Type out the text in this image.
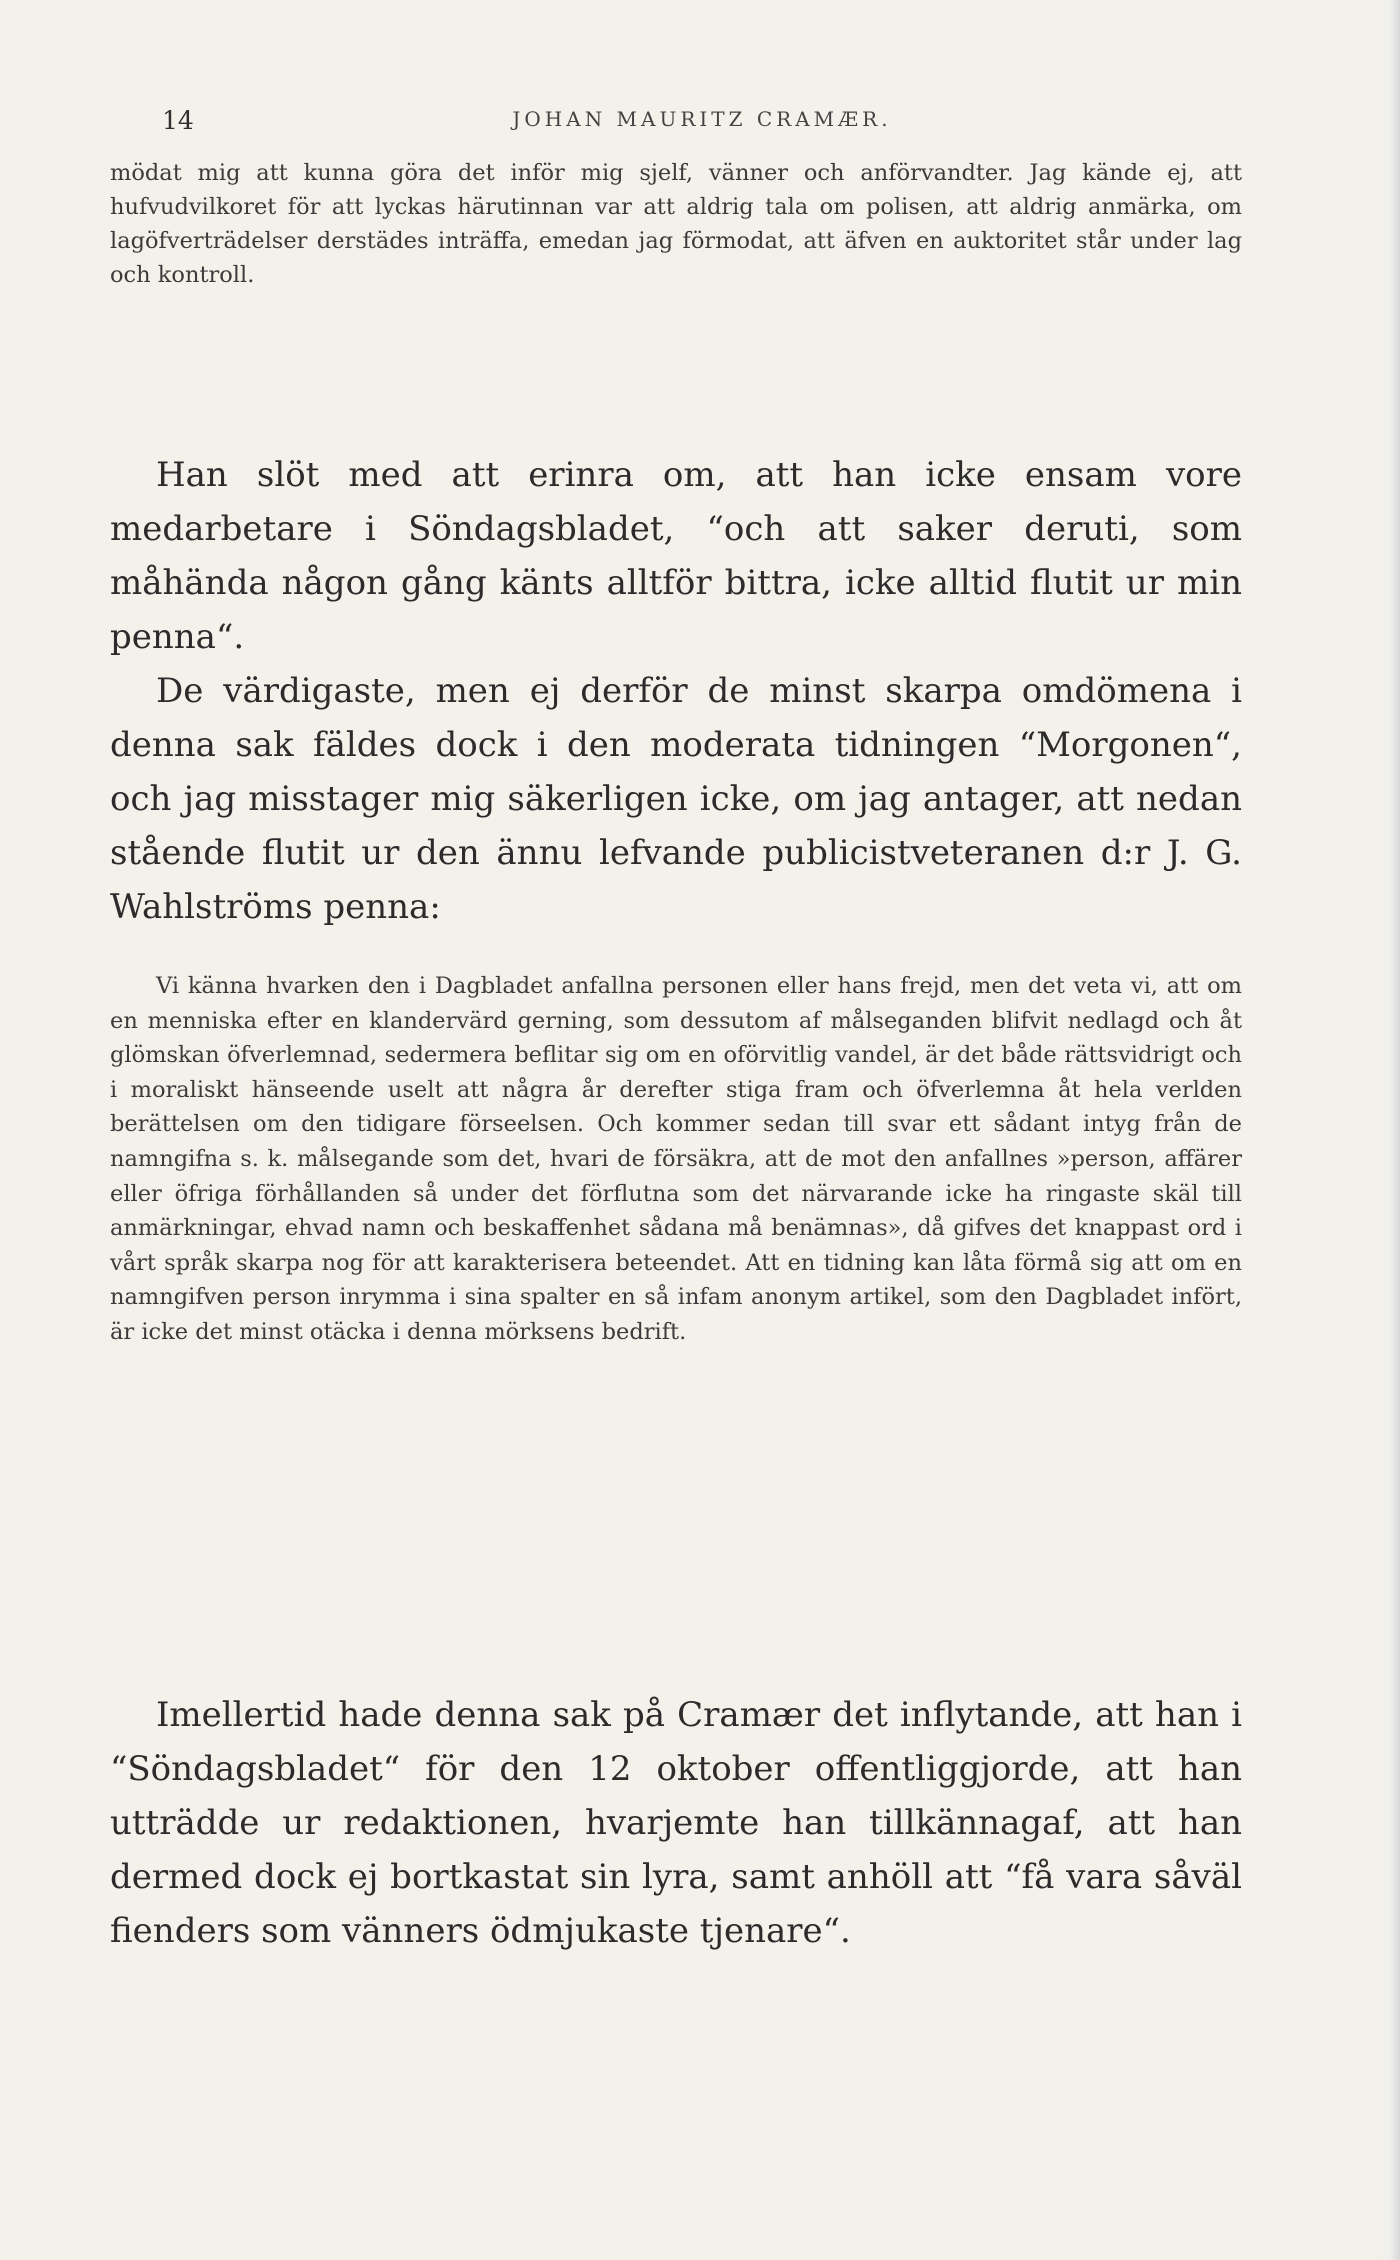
14	JOHAN MAURITZ CRAMÆR.

mödat mig att kunna göra det inför mig sjelf, vänner och anförvandter. Jag kände ej, att hufvudvilkoret för att lyckas härutinnan var att aldrig tala om polisen, att aldrig anmärka, om lagöfverträdelser derstädes inträffa, emedan jag förmodat, att äfven en auktoritet står under lag och kontroll.

Han slöt med att erinra om, att han icke ensam vore medarbetare i Söndagsbladet, “och att saker deruti, som måhända någon gång känts alltför bittra, icke alltid flutit ur min penna“.

De värdigaste, men ej derför de minst skarpa omdömena i denna sak fäldes dock i den moderata tidningen “Morgonen“, och jag misstager mig säkerligen icke, om jag antager, att nedan stående flutit ur den ännu lefvande publicistveteranen d:r J. G. Wahlströms penna:

Vi känna hvarken den i Dagbladet anfallna personen eller hans frejd, men det veta vi, att om en menniska efter en klandervärd gerning, som dessutom af målseganden blifvit nedlagd och åt glömskan öfverlemnad, sedermera beflitar sig om en oförvitlig vandel, är det både rättsvidrigt och i moraliskt hänseende uselt att några år derefter stiga fram och öfverlemna åt hela verlden berättelsen om den tidigare förseelsen. Och kommer sedan till svar ett sådant intyg från de namngifna s. k. målsegande som det, hvari de försäkra, att de mot den anfallnes »person, affärer eller öfriga förhållanden så under det förflutna som det närvarande icke ha ringaste skäl till anmärkningar, ehvad namn och beskaffenhet sådana må benämnas», då gifves det knappast ord i vårt språk skarpa nog för att karakterisera beteendet. Att en tidning kan låta förmå sig att om en namngifven person inrymma i sina spalter en så infam anonym artikel, som den Dagbladet infört, är icke det minst otäcka i denna mörksens bedrift.

Imellertid hade denna sak på Cramær det inflytande, att han i “Söndagsbladet“ för den 12 oktober offentliggjorde, att han utträdde ur redaktionen, hvarjemte han tillkännagaf, att han dermed dock ej bortkastat sin lyra, samt anhöll att “få vara såväl fienders som vänners ödmjukaste tjenare“.
